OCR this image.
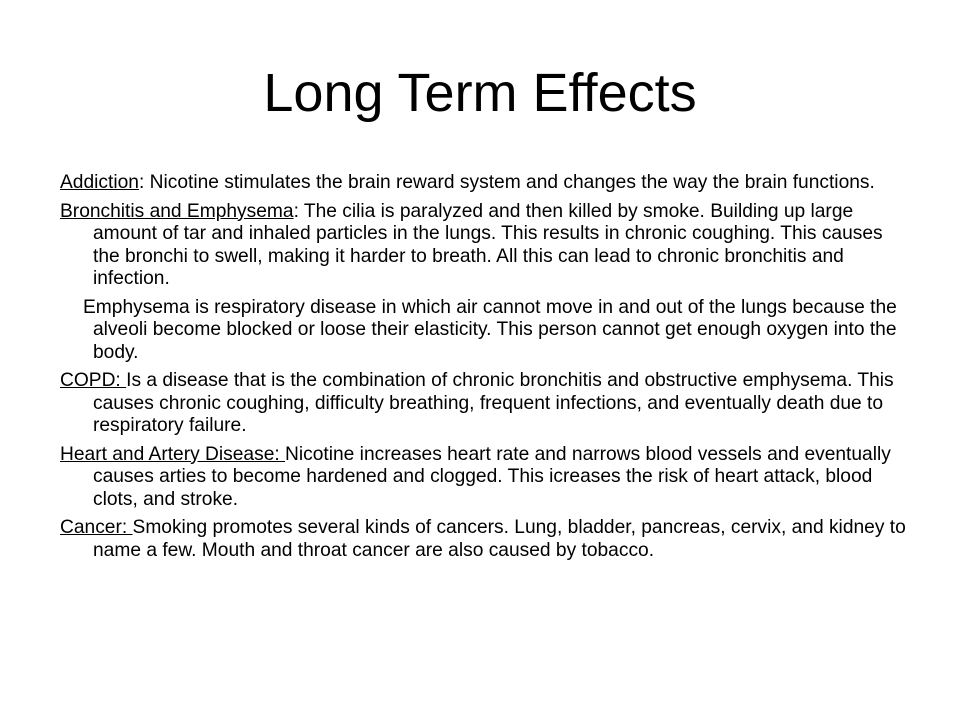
Long Term Effects

Addiction: Nicotine stimulates the brain reward system and changes the way the brain functions.

Bronchitis and Emphysema: The cilia is paralyzed and then killed by smoke. Building up large amount of tar and inhaled particles in the lungs. This results in chronic coughing. This causes the bronchi to swell, making it harder to breath. All this can lead to chronic bronchitis and infection.

Emphysema is respiratory disease in which air cannot move in and out of the lungs because the alveoli become blocked or loose their elasticity. This person cannot get enough oxygen into the body.

COPD: Is a disease that is the combination of chronic bronchitis and obstructive emphysema. This causes chronic coughing, difficulty breathing, frequent infections, and eventually death due to respiratory failure.

Heart and Artery Disease: Nicotine increases heart rate and narrows blood vessels and eventually causes arties to become hardened and clogged. This icreases the risk of heart attack, blood clots, and stroke.

Cancer: Smoking promotes several kinds of cancers. Lung, bladder, pancreas, cervix, and kidney to name a few. Mouth and throat cancer are also caused by tobacco.
